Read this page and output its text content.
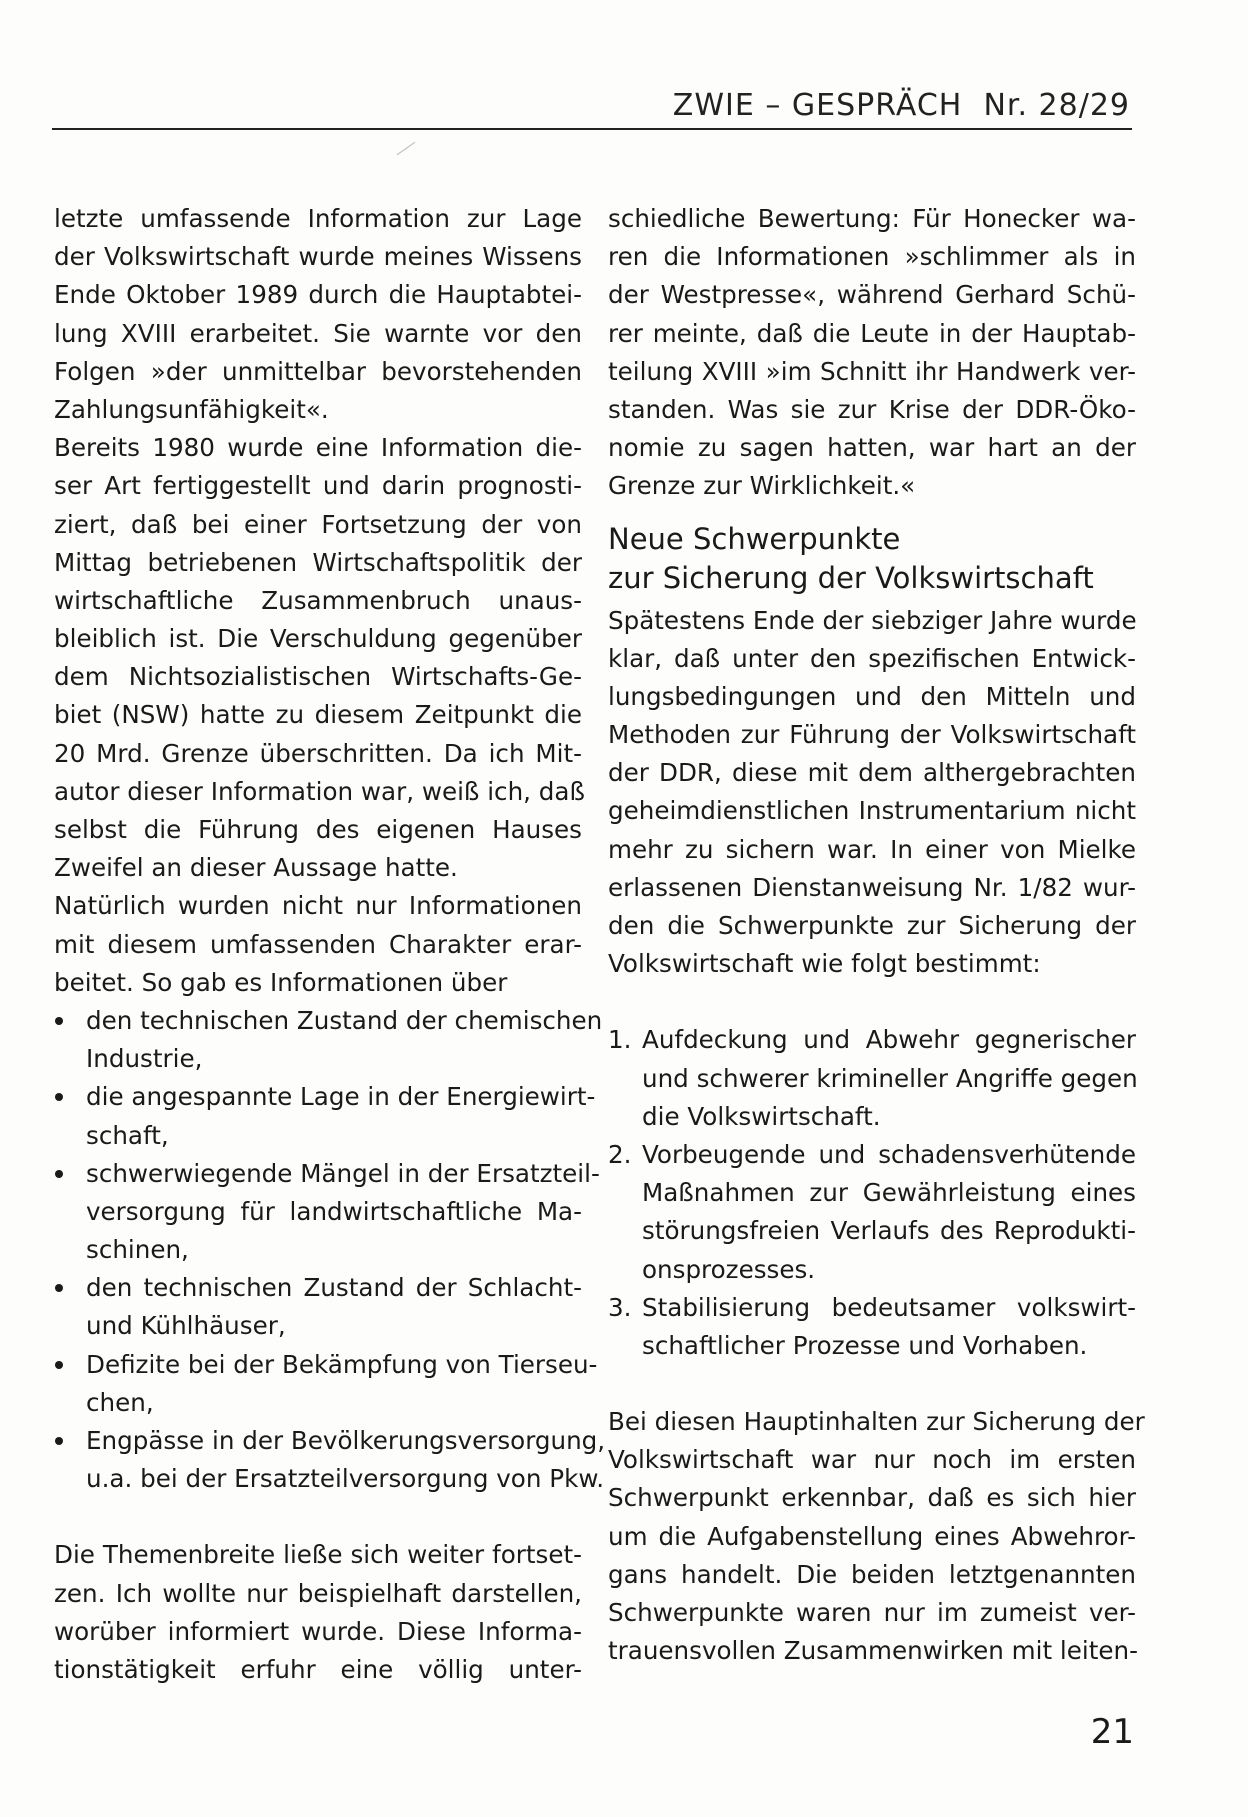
ZWIE – GESPRÄCH Nr. 28/29
letzte umfassende Information zur Lage
der Volkswirtschaft wurde meines Wissens
Ende Oktober 1989 durch die Hauptabtei-
lung XVIII erarbeitet. Sie warnte vor den
Folgen »der unmittelbar bevorstehenden
Zahlungsunfähigkeit«.
Bereits 1980 wurde eine Information die-
ser Art fertiggestellt und darin prognosti-
ziert, daß bei einer Fortsetzung der von
Mittag betriebenen Wirtschaftspolitik der
wirtschaftliche Zusammenbruch unaus-
bleiblich ist. Die Verschuldung gegenüber
dem Nichtsozialistischen Wirtschafts-Ge-
biet (NSW) hatte zu diesem Zeitpunkt die
20 Mrd. Grenze überschritten. Da ich Mit-
autor dieser Information war, weiß ich, daß
selbst die Führung des eigenen Hauses
Zweifel an dieser Aussage hatte.
Natürlich wurden nicht nur Informationen
mit diesem umfassenden Charakter erar-
beitet. So gab es Informationen über
den technischen Zustand der chemischen
Industrie,
die angespannte Lage in der Energiewirt-
schaft,
schwerwiegende Mängel in der Ersatzteil-
versorgung für landwirtschaftliche Ma-
schinen,
den technischen Zustand der Schlacht-
und Kühlhäuser,
Defizite bei der Bekämpfung von Tierseu-
chen,
Engpässe in der Bevölkerungsversorgung,
u.a. bei der Ersatzteilversorgung von Pkw.
Die Themenbreite ließe sich weiter fortset-
zen. Ich wollte nur beispielhaft darstellen,
worüber informiert wurde. Diese Informa-
tionstätigkeit erfuhr eine völlig unter-
schiedliche Bewertung: Für Honecker wa-
ren die Informationen »schlimmer als in
der Westpresse«, während Gerhard Schü-
rer meinte, daß die Leute in der Hauptab-
teilung XVIII »im Schnitt ihr Handwerk ver-
standen. Was sie zur Krise der DDR-Öko-
nomie zu sagen hatten, war hart an der
Grenze zur Wirklichkeit.«
Neue Schwerpunkte
zur Sicherung der Volkswirtschaft
Spätestens Ende der siebziger Jahre wurde
klar, daß unter den spezifischen Entwick-
lungsbedingungen und den Mitteln und
Methoden zur Führung der Volkswirtschaft
der DDR, diese mit dem althergebrachten
geheimdienstlichen Instrumentarium nicht
mehr zu sichern war. In einer von Mielke
erlassenen Dienstanweisung Nr. 1/82 wur-
den die Schwerpunkte zur Sicherung der
Volkswirtschaft wie folgt bestimmt:
1. Aufdeckung und Abwehr gegnerischer
und schwerer krimineller Angriffe gegen
die Volkswirtschaft.
2. Vorbeugende und schadensverhütende
Maßnahmen zur Gewährleistung eines
störungsfreien Verlaufs des Reprodukti-
onsprozesses.
3. Stabilisierung bedeutsamer volkswirt-
schaftlicher Prozesse und Vorhaben.
Bei diesen Hauptinhalten zur Sicherung der
Volkswirtschaft war nur noch im ersten
Schwerpunkt erkennbar, daß es sich hier
um die Aufgabenstellung eines Abwehror-
gans handelt. Die beiden letztgenannten
Schwerpunkte waren nur im zumeist ver-
trauensvollen Zusammenwirken mit leiten-
21
